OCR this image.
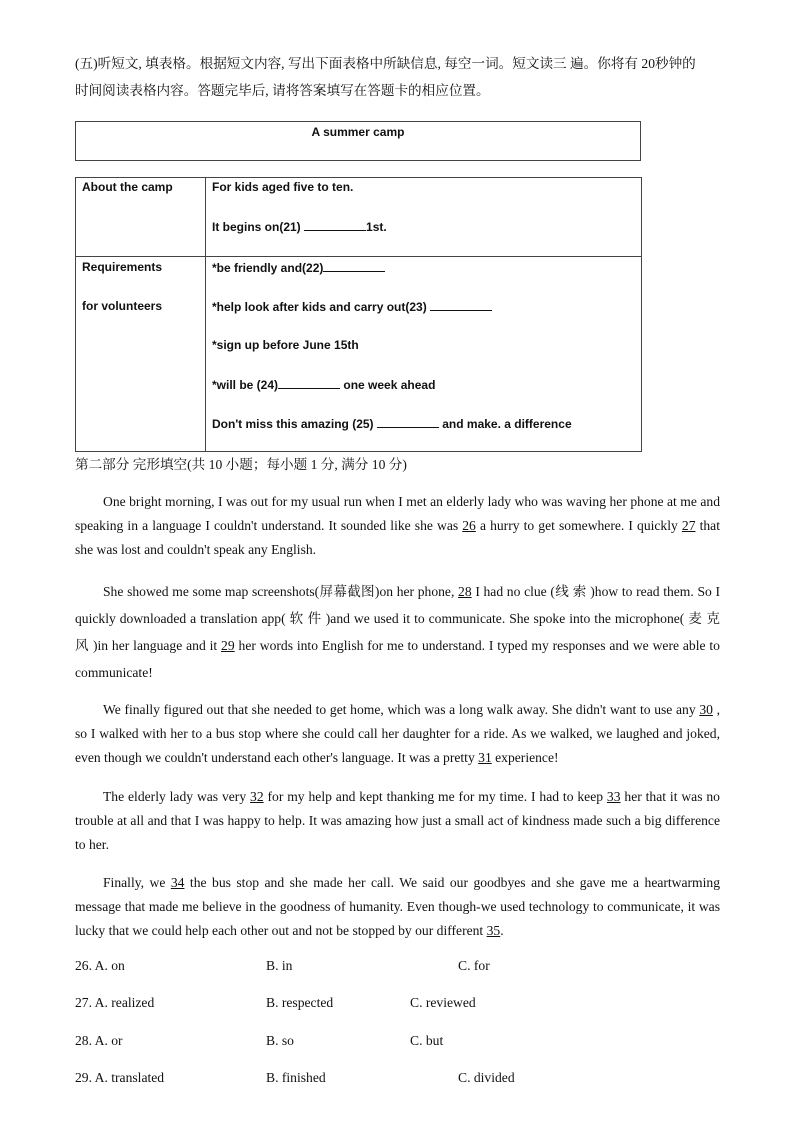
(五)听短文, 填表格。根据短文内容, 写出下面表格中所缺信息, 每空一词。短文读三 遍。你将有 20秒钟的
时间阅读表格内容。答题完毕后, 请将答案填写在答题卡的相应位置。
A summer camp
About the camp	For kids aged five to ten.
It begins on(21)	1st.
Requirements
for volunteers
*be friendly and(22)
*help look after kids and carry out(23)
*sign up before June 15th
*will be (24)	one week ahead
Don't miss this amazing (25)	and make. a difference
第二部分 完形填空(共 10 小题；每小题 1 分, 满分 10 分)
One bright morning, I was out for my usual run when I met an elderly lady who was waving her phone at me and speaking in a language I couldn't understand. It sounded like she was 26 a hurry to get somewhere. I quickly 27 that she was lost and couldn't speak any English.
She showed me some map screenshots(屏幕截图)on her phone, 28 I had no clue (线 索 )how to read them. So I quickly downloaded a translation app( 软 件 )and we used it to communicate. She spoke into the microphone( 麦 克 风 )in her language and it 29 her words into English for me to understand. I typed my responses and we were able to communicate!
We finally figured out that she needed to get home, which was a long walk away. She didn't want to use any 30 , so I walked with her to a bus stop where she could call her daughter for a ride. As we walked, we laughed and joked, even though we couldn't understand each other's language. It was a pretty 31 experience!
The elderly lady was very 32 for my help and kept thanking me for my time. I had to keep 33 her that it was no trouble at all and that I was happy to help. It was amazing how just a small act of kindness made such a big difference to her.
Finally, we 34 the bus stop and she made her call. We said our goodbyes and she gave me a heartwarming message that made me believe in the goodness of humanity. Even though-we used technology to communicate, it was lucky that we could help each other out and not be stopped by our different 35.
26. A. on	B. in	C. for
27. A. realized	B. respected	C. reviewed
28. A. or	B. so	C. but
29. A. translated	B. finished	C. divided
